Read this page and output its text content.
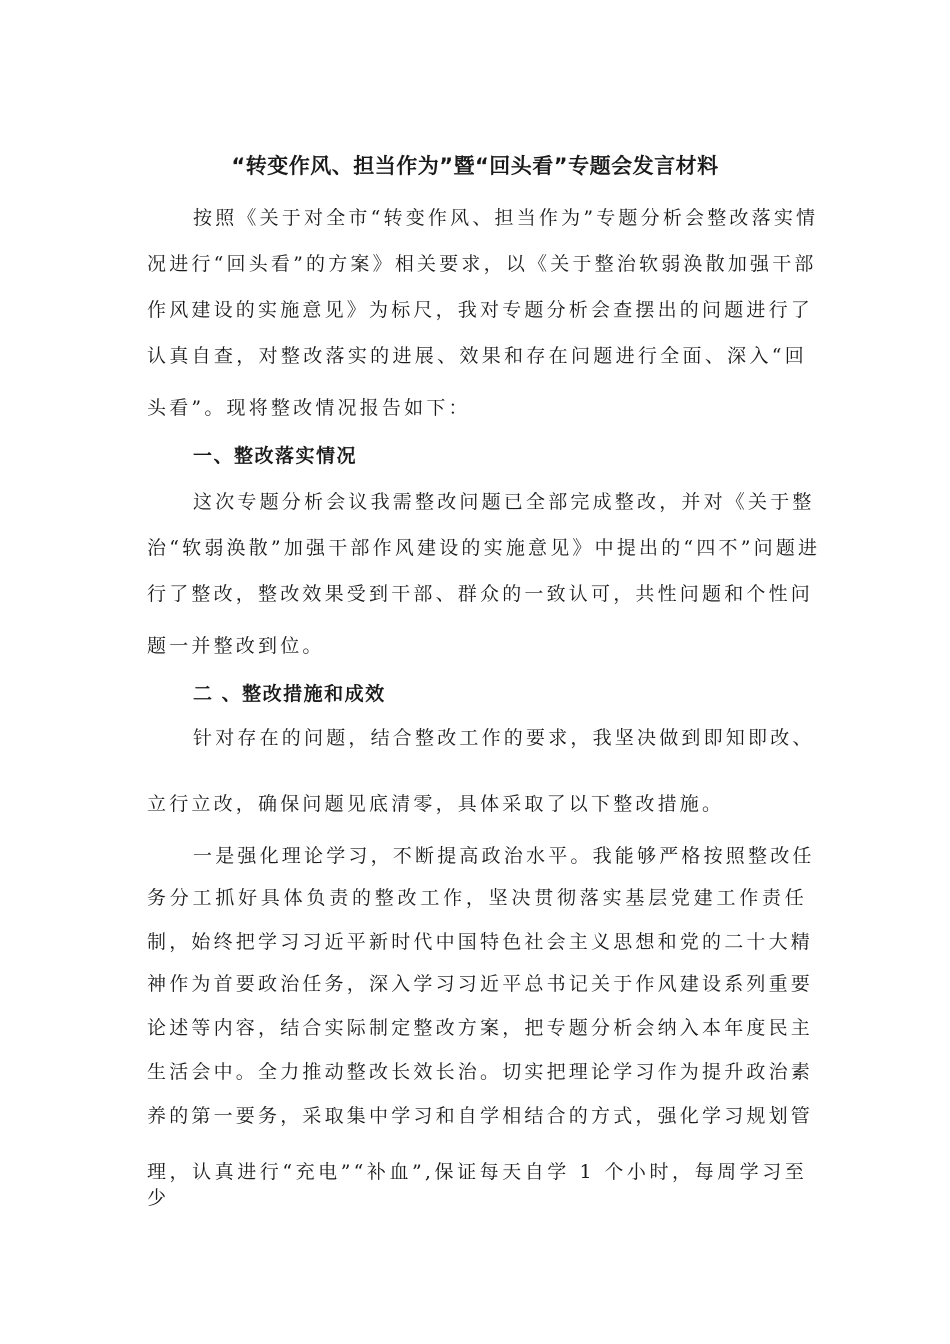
“转变作风、担当作为”暨“回头看”专题会发言材料
按照《关于对全市“转变作风、担当作为”专题分析会整改落实情
况进行“回头看”的方案》相关要求，以《关于整治软弱涣散加强干部
作风建设的实施意见》为标尺，我对专题分析会查摆出的问题进行了
认真自查，对整改落实的进展、效果和存在问题进行全面、深入“回
头看”。现将整改情况报告如下：
一、整改落实情况
这次专题分析会议我需整改问题已全部完成整改，并对《关于整
治“软弱涣散”加强干部作风建设的实施意见》中提出的“四不”问题进
行了整改，整改效果受到干部、群众的一致认可，共性问题和个性问
题一并整改到位。
二 、整改措施和成效
针对存在的问题，结合整改工作的要求，我坚决做到即知即改、
立行立改，确保问题见底清零，具体采取了以下整改措施。
一是强化理论学习，不断提高政治水平。我能够严格按照整改任
务分工抓好具体负责的整改工作，坚决贯彻落实基层党建工作责任
制，始终把学习习近平新时代中国特色社会主义思想和党的二十大精
神作为首要政治任务，深入学习习近平总书记关于作风建设系列重要
论述等内容，结合实际制定整改方案，把专题分析会纳入本年度民主
生活会中。全力推动整改长效长治。切实把理论学习作为提升政治素
养的第一要务，采取集中学习和自学相结合的方式，强化学习规划管
理，认真进行“充电”“补血”,保证每天自学 1 个小时，每周学习至
少
